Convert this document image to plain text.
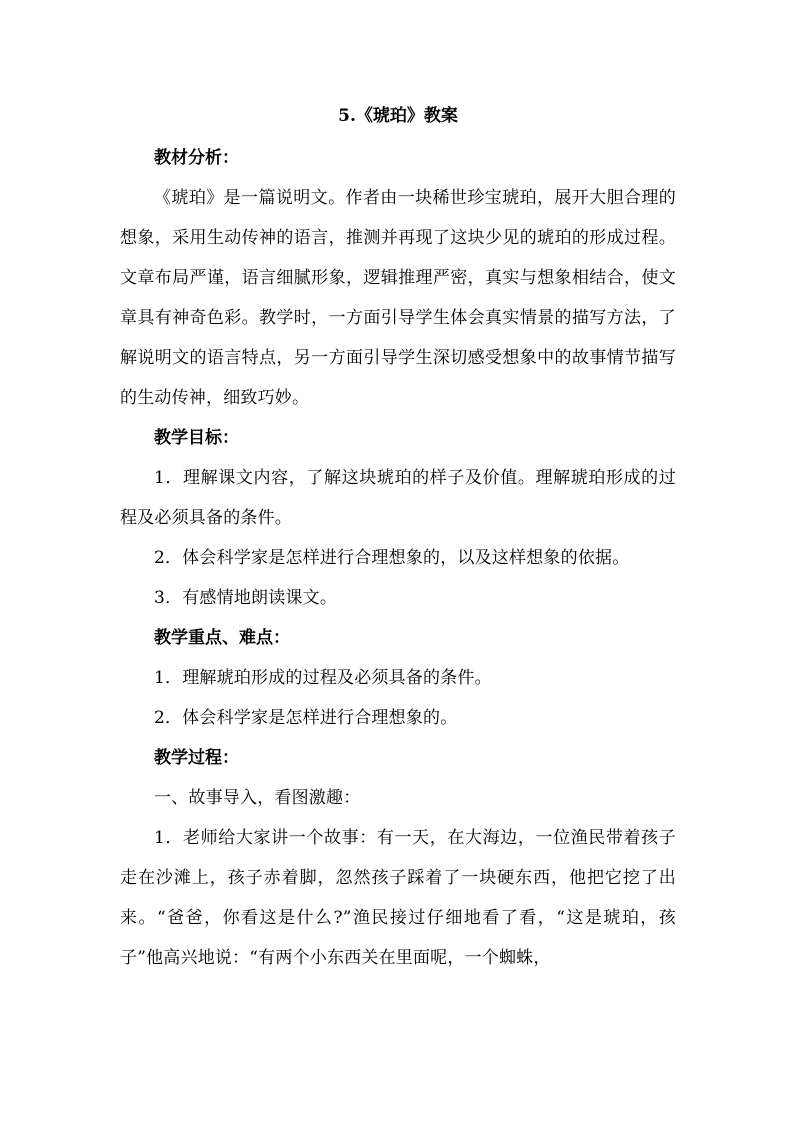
5.《琥珀》教案
教材分析：

《琥珀》是一篇说明文。作者由一块稀世珍宝琥珀，展开大胆合理的想象，采用生动传神的语言，推测并再现了这块少见的琥珀的形成过程。文章布局严谨，语言细腻形象，逻辑推理严密，真实与想象相结合，使文章具有神奇色彩。教学时，一方面引导学生体会真实情景的描写方法，了解说明文的语言特点，另一方面引导学生深切感受想象中的故事情节描写的生动传神，细致巧妙。

教学目标：

1．理解课文内容，了解这块琥珀的样子及价值。理解琥珀形成的过程及必须具备的条件。

2．体会科学家是怎样进行合理想象的，以及这样想象的依据。

3．有感情地朗读课文。

教学重点、难点：

1．理解琥珀形成的过程及必须具备的条件。

2．体会科学家是怎样进行合理想象的。

教学过程：

一、故事导入，看图激趣：

1．老师给大家讲一个故事：有一天，在大海边，一位渔民带着孩子走在沙滩上，孩子赤着脚，忽然孩子踩着了一块硬东西，他把它挖了出来。“爸爸，你看这是什么?”渔民接过仔细地看了看，“这是琥珀，孩子”他高兴地说：“有两个小东西关在里面呢，一个蜘蛛，
